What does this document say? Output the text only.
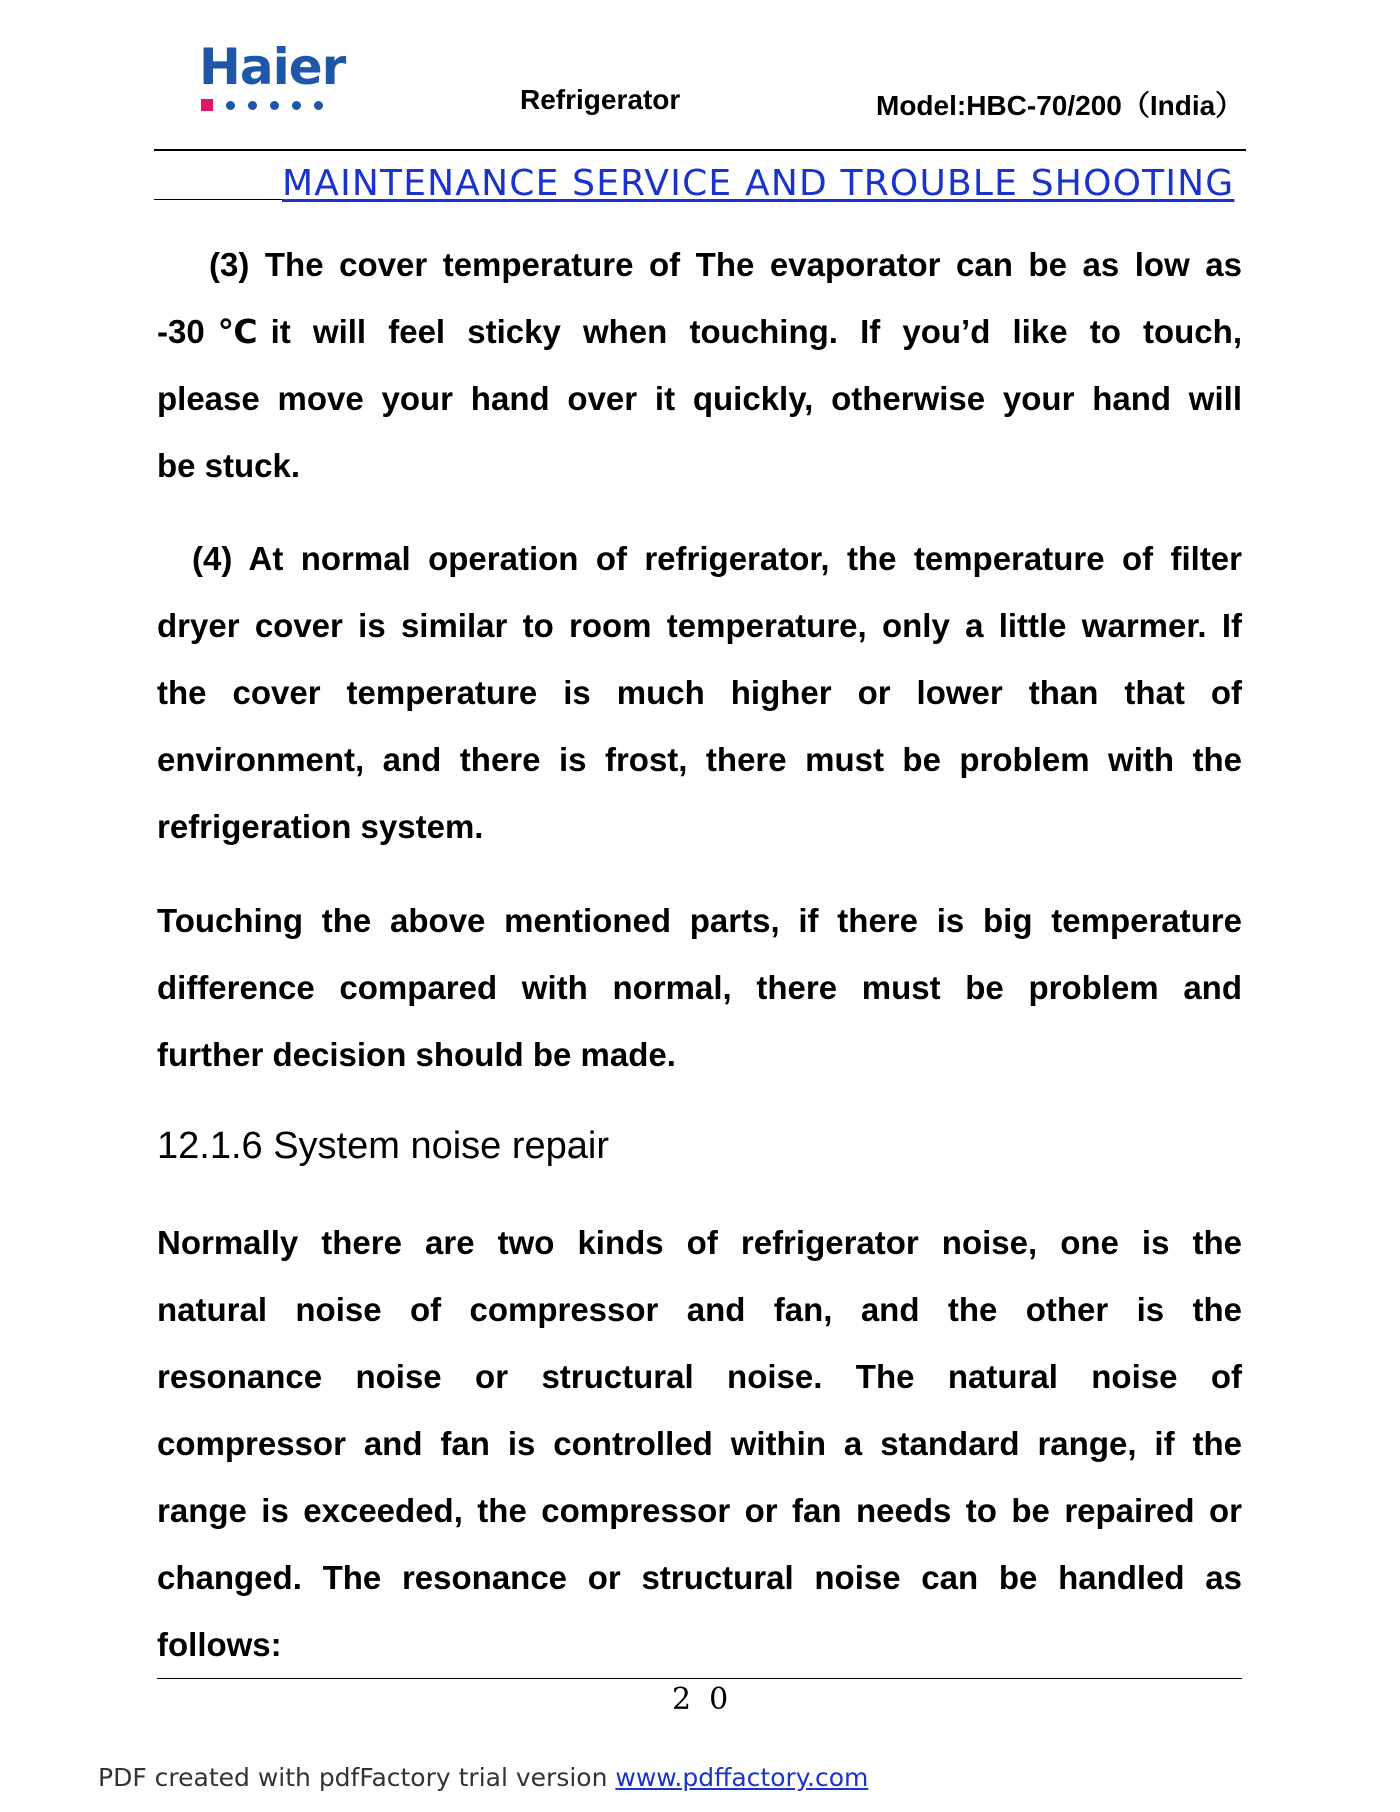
Haier
Refrigerator	Model:HBC-70/200（India）
MAINTENANCE SERVICE AND TROUBLE SHOOTING
(3) The cover temperature of The evaporator can be as low as
-30℃it will feel sticky when touching. If you’d like to touch,
please move your hand over it quickly, otherwise your hand will
be stuck.
(4) At normal operation of refrigerator, the temperature of filter
dryer cover is similar to room temperature, only a little warmer. If
the cover temperature is much higher or lower than that of
environment, and there is frost, there must be problem with the
refrigeration system.
Touching the above mentioned parts, if there is big temperature
difference compared with normal, there must be problem and
further decision should be made.
12.1.6 System noise repair
Normally there are two kinds of refrigerator noise, one is the
natural noise of compressor and fan, and the other is the
resonance noise or structural noise. The natural noise of
compressor and fan is controlled within a standard range, if the
range is exceeded, the compressor or fan needs to be repaired or
changed. The resonance or structural noise can be handled as
follows:
20
PDF created with pdfFactory trial version www.pdffactory.com
